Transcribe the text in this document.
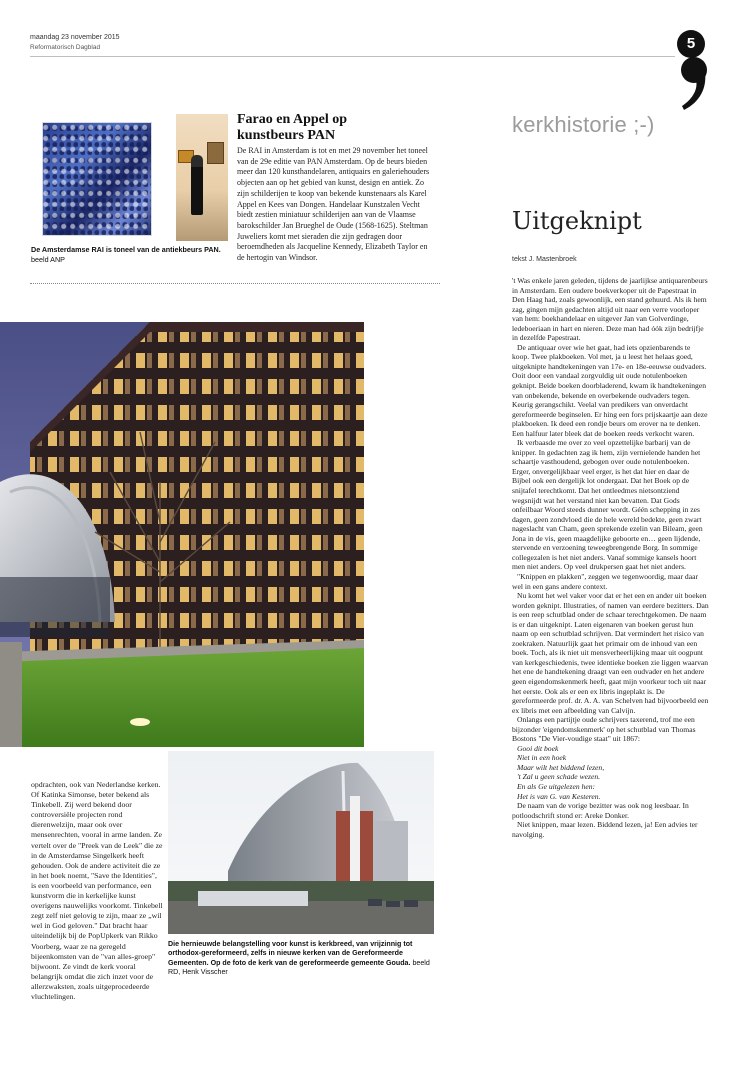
maandag 23 november 2015
Reformatorisch Dagblad	5
De Amsterdamse RAI is toneel van de antiekbeurs PAN. beeld ANP
Farao en Appel op kunstbeurs PAN
De RAI in Amsterdam is tot en met 29 november het toneel van de 29e editie van PAN Amsterdam. Op de beurs bieden meer dan 120 kunsthandelaren, antiquairs en galeriehouders objecten aan op het gebied van kunst, design en antiek. Zo zijn schilderijen te koop van bekende kunstenaars als Karel Appel en Kees van Dongen. Handelaar Kunstzalen Vecht biedt zestien miniatuur schilderijen aan van de Vlaamse barokschilder Jan Brueghel de Oude (1568-1625). Steltman Juweliers komt met sieraden die zijn gedragen door beroemdheden als Jacqueline Kennedy, Elizabeth Taylor en de hertogin van Windsor.
kerkhistorie ;-)
Uitgeknipt
tekst J. Mastenbroek

't Was enkele jaren geleden, tijdens de jaarlijkse antiquarenbeurs in Amsterdam. Een oudere boekverkoper uit de Papestraat in Den Haag had, zoals gewoonlijk, een stand gehuurd. Als ik hem zag, gingen mijn gedachten altijd uit naar een verre voorloper van hem: boekhandelaar en uitgever Jan van Golverdinge, ledeboeriaan in hart en nieren. Deze man had óók zijn bedrijfje in dezelfde Papestraat.

De antiquaar over wie het gaat, had iets opzienbarends te koop. Twee plakboeken. Vol met, ja u leest het helaas goed, uitgeknipte handtekeningen van 17e- en 18e-eeuwse oudvaders. Ooit door een vandaal zorgvuldig uit oude notulenboeken geknipt. Beide boeken doorbladerend, kwam ik handtekeningen van onbekende, bekende en overbekende oudvaders tegen. Keurig gerangschikt. Veelal van predikers van onverdacht gereformeerde beginselen. Er hing een fors prijskaartje aan deze plakboeken. Ik deed een rondje beurs om erover na te denken. Een halfuur later bleek dat de boeken reeds verkocht waren.

Ik verbaasde me over zo veel opzettelijke barbarij van de knipper. In gedachten zag ik hem, zijn vernielende handen het schaartje vasthoudend, gebogen over oude notulenboeken. Erger, onvergelijkbaar veel erger, is het dat hier en daar de Bijbel ook een dergelijk lot ondergaat. Dat het Boek op de snijtafel terechtkomt. Dat het ontleedmes nietsontziend wegsnijdt wat het verstand niet kan bevatten. Dat Gods onfeilbaar Woord steeds dunner wordt. Géén schepping in zes dagen, geen zondvloed die de hele wereld bedekte, geen zwart nageslacht van Cham, geen sprekende ezelin van Bileam, geen Jona in de vis, geen maagdelijke geboorte en… geen lijdende, stervende en verzoening teweegbrengende Borg. In sommige collegezalen is het niet anders. Vanaf sommige kansels hoort men niet anders. Op veel drukpersen gaat het niet anders.

"Knippen en plakken", zeggen we tegenwoordig, maar daar wel in een gans andere context.

Nu komt het wel vaker voor dat er het een en ander uit boeken worden geknipt. Illustraties, of namen van eerdere bezitters. Dan is een reep schutblad onder de schaar terechtgekomen. De naam is er dan uitgeknipt. Laten eigenaren van boeken gerust hun naam op een schutblad schrijven. Dat vermindert het risico van zoekraken. Natuurlijk gaat het primair om de inhoud van een boek. Toch, als ik niet uit mensverheerlijking maar uit oogpunt van kerkgeschiedenis, twee identieke boeken zie liggen waarvan het ene de handtekening draagt van een oudvader en het andere geen eigendomskenmerk heeft, gaat mijn voorkeur toch uit naar het eerste. Ook als er een ex libris ingeplakt is. De gereformeerde prof. dr. A. A. van Schelven had bijvoorbeeld een ex libris met een afbeelding van Calvijn.

Onlangs een partijtje oude schrijvers taxerend, trof me een bijzonder 'eigendomskenmerk' op het schutblad van Thomas Bostons "De Vier-voudige staat" uit 1867:

Gooi dit boek

Niet in een hoek

Maar wilt het biddend lezen,

't Zal u geen schade wezen.

En als Ge uitgelezen hen:

Het is van G. van Kesteren.

De naam van de vorige bezitter was ook nog leesbaar. In potloodschrift stond er: Areke Donker.

Niet knippen, maar lezen. Biddend lezen, ja! Een advies ter navolging.

opdrachten, ook van Nederlandse kerken. Of Katinka Simonse, beter bekend als Tinkebell. Zij werd bekend door controversiële projecten rond dierenwelzijn, maar ook over mensenrechten, vooral in arme landen. Ze vertelt over de "Preek van de Leek" die ze in de Amsterdamse Singelkerk heeft gehouden. Ook de andere activiteit die ze in het boek noemt, "Save the Identities", is een voorbeeld van performance, een kunstvorm die in kerkelijke kunst overigens nauwelijks voorkomt. Tinkebell zegt zelf niet gelovig te zijn, maar ze „wil wel in God geloven." Dat bracht haar uiteindelijk bij de PopUpkerk van Rikko Voorberg, waar ze na geregeld bijeenkomsten van de "van alles-groep" bijwoont. Ze vindt de kerk vooral belangrijk omdat die zich inzet voor de allerzwaksten, zoals uitgeprocedeerde vluchtelingen.
Die hernieuwde belangstelling voor kunst is kerkbreed, van vrijzinnig tot orthodox-gereformeerd, zelfs in nieuwe kerken van de Gereformeerde Gemeenten. Op de foto de kerk van de gereformeerde gemeente Gouda. beeld RD, Henk Visscher
